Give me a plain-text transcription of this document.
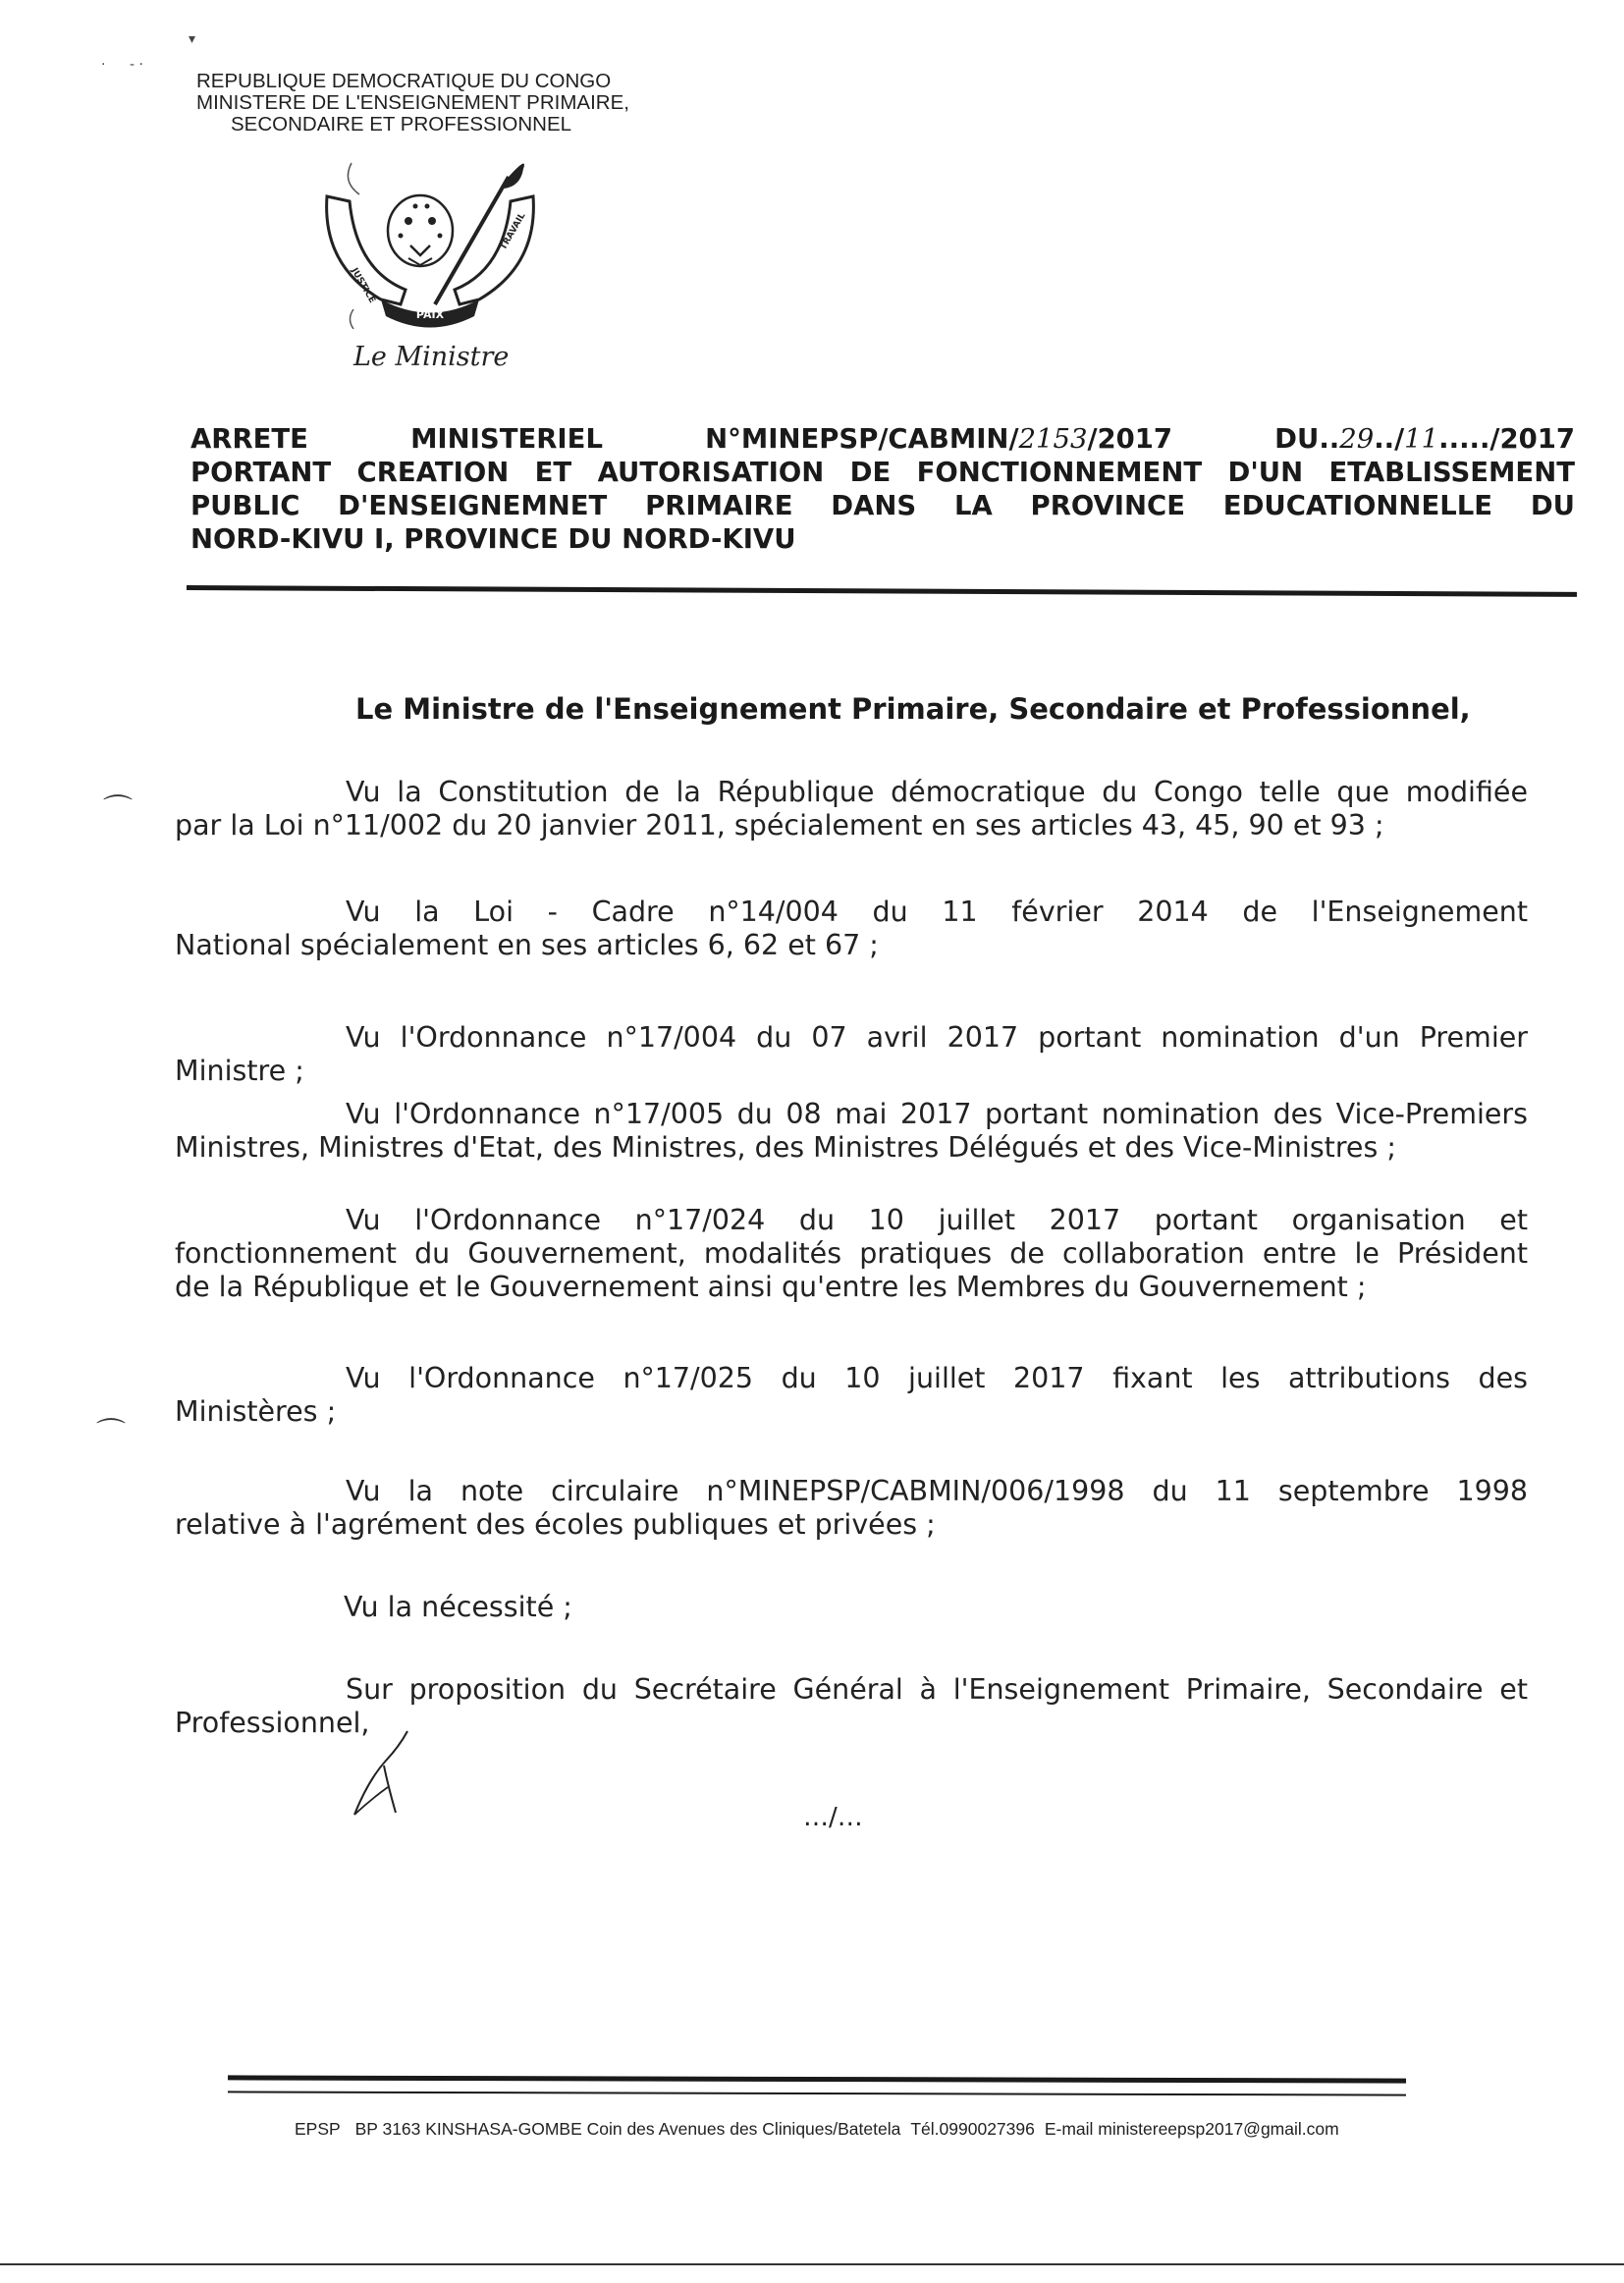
▾
· - ·
REPUBLIQUE DEMOCRATIQUE DU CONGO
MINISTERE DE L'ENSEIGNEMENT PRIMAIRE,
SECONDAIRE ET PROFESSIONNEL
PAIX
JUSTICE
TRAVAIL
Le Ministre
ARRETE	MINISTERIEL	N°MINEPSP/CABMIN/2153/2017	DU..29../11...../2017
PORTANT CREATION ET AUTORISATION DE FONCTIONNEMENT D'UN ETABLISSEMENT
PUBLIC D'ENSEIGNEMNET PRIMAIRE DANS LA PROVINCE EDUCATIONNELLE DU
NORD-KIVU I, PROVINCE DU NORD-KIVU
Le Ministre de l'Enseignement Primaire, Secondaire et Professionnel,
⌒
⌒
Vu la Constitution de la République démocratique du Congo telle que modifiée
par la Loi n°11/002 du 20 janvier 2011, spécialement en ses articles 43, 45, 90 et 93 ;
Vu la Loi - Cadre n°14/004 du 11 février 2014 de l'Enseignement
National spécialement en ses articles 6, 62 et 67 ;
Vu l'Ordonnance n°17/004 du 07 avril 2017 portant nomination d'un Premier
Ministre ;
Vu l'Ordonnance n°17/005 du 08 mai 2017 portant nomination des Vice-Premiers
Ministres, Ministres d'Etat, des Ministres, des Ministres Délégués et des Vice-Ministres ;
Vu l'Ordonnance n°17/024 du 10 juillet 2017 portant organisation et
fonctionnement du Gouvernement, modalités pratiques de collaboration entre le Président
de la République et le Gouvernement ainsi qu'entre les Membres du Gouvernement ;
Vu l'Ordonnance n°17/025 du 10 juillet 2017 fixant les attributions des
Ministères ;
Vu la note circulaire n°MINEPSP/CABMIN/006/1998 du 11 septembre 1998
relative à l'agrément des écoles publiques et privées ;
Vu la nécessité ;
Sur proposition du Secrétaire Général à l'Enseignement Primaire, Secondaire et
Professionnel,
…/…
EPSP BP 3163 KINSHASA-GOMBE Coin des Avenues des Cliniques/Batetela Tél.0990027396 E-mail ministereepsp2017@gmail.com
